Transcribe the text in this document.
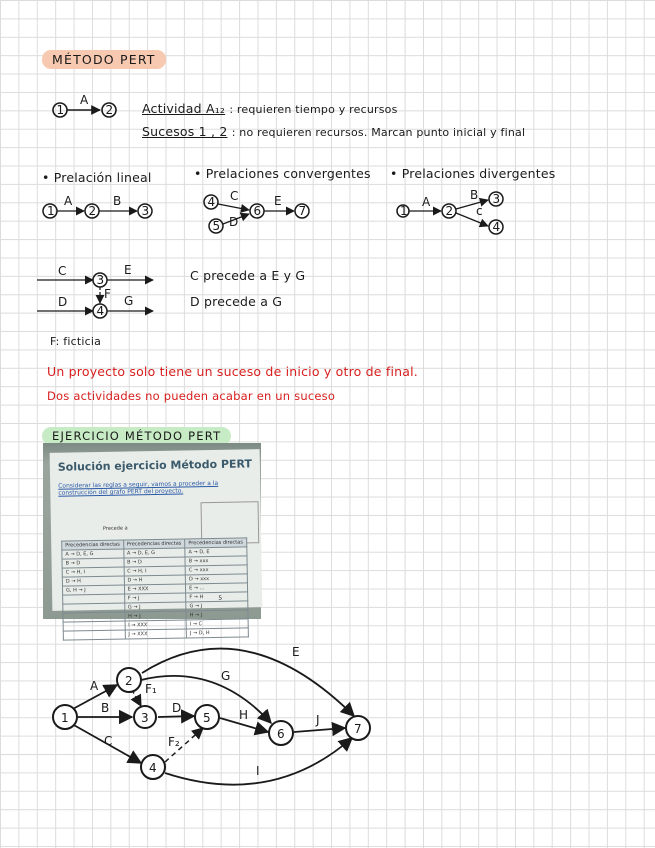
MÉTODO PERT
1
A
2 Actividad A₁₂ : requieren tiempo y recursos
Sucesos 1 , 2 : no requieren recursos. Marcan punto inicial y final
• Prelación lineal	• Prelaciones convergentes • Prelaciones divergentes
1
A
2
B
3
4
5
C
D
6
E
7	1
A
2
B
c
3
4
C
3
E
F
D
4
G
C precede a E y G
D precede a G
F: ficticia
Un proyecto solo tiene un suceso de inicio y otro de final.
Dos actividades no pueden acabar en un suceso
EJERCICIO MÉTODO PERT
Solución ejercicio Método PERT
Considerar las reglas a seguir, vamos a proceder a la construcción del grafo PERT del proyecto.
Precede a
Precedencias directas	Precedencias directas	Precedencias directas
A → D, E, G	A → D, E, G	A → D, E
B → D	B → D	B → xxx
C → H, I	C → H, I	C → xxx
D → H	D → H	D → xxx
G, H → J	E → XXX	E → ...
	F → J	F → H
	G → J	G → J
	H → J	H → J
	I → XXX	I → C
	J → XXX	J → D, H
5
1
2
3
4
5
6	7
A
B
C
D
E
G
H
I
J
F₁
F₂
